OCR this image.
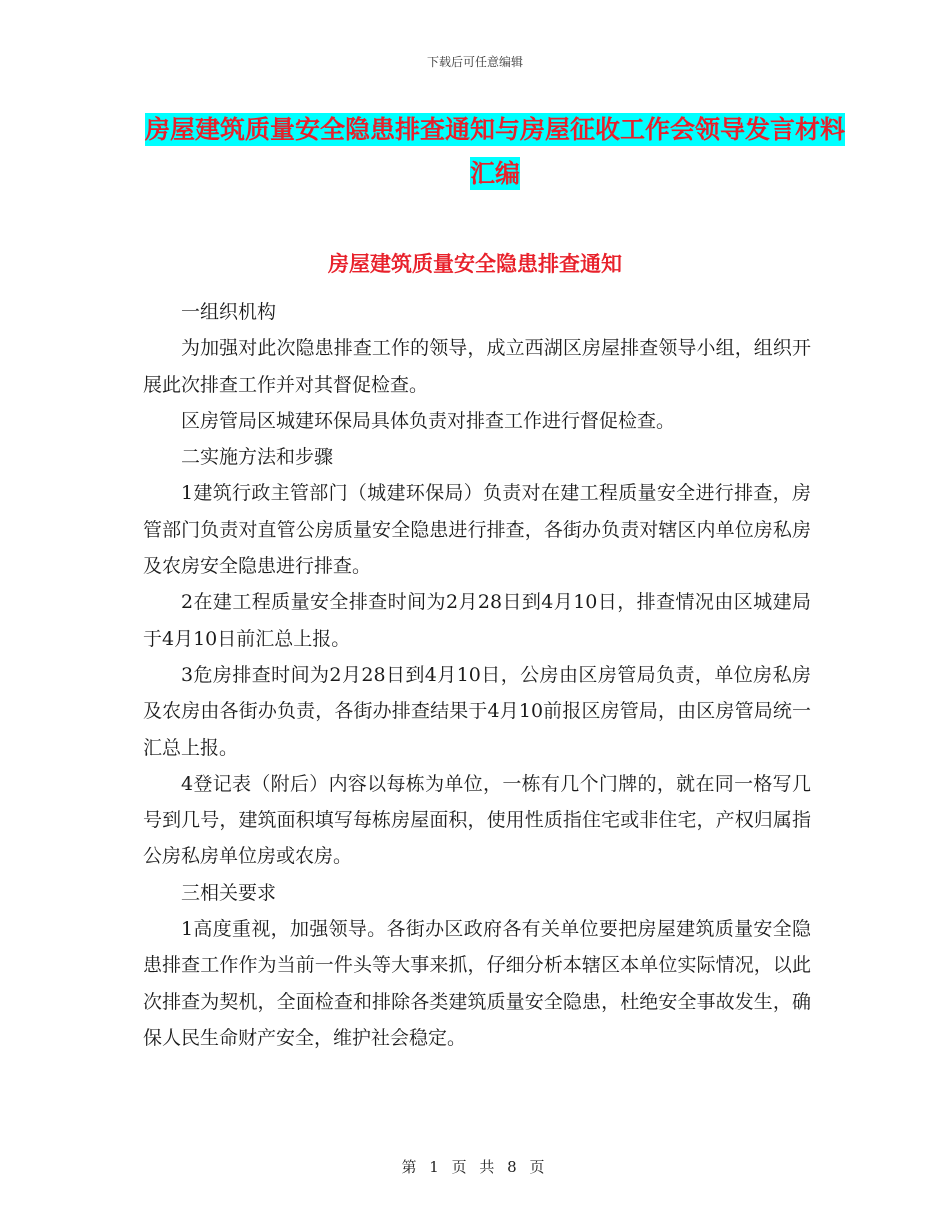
下载后可任意编辑
房屋建筑质量安全隐患排查通知与房屋征收工作会领导发言材料汇编
房屋建筑质量安全隐患排查通知

一组织机构

为加强对此次隐患排查工作的领导，成立西湖区房屋排查领导小组，组织开展此次排查工作并对其督促检查。

区房管局区城建环保局具体负责对排查工作进行督促检查。

二实施方法和步骤

1建筑行政主管部门（城建环保局）负责对在建工程质量安全进行排查，房管部门负责对直管公房质量安全隐患进行排查，各街办负责对辖区内单位房私房及农房安全隐患进行排查。

2在建工程质量安全排查时间为2月28日到4月10日，排查情况由区城建局于4月10日前汇总上报。

3危房排查时间为2月28日到4月10日，公房由区房管局负责，单位房私房及农房由各街办负责，各街办排查结果于4月10前报区房管局，由区房管局统一汇总上报。

4登记表（附后）内容以每栋为单位，一栋有几个门牌的，就在同一格写几号到几号，建筑面积填写每栋房屋面积，使用性质指住宅或非住宅，产权归属指公房私房单位房或农房。

三相关要求

1高度重视，加强领导。各街办区政府各有关单位要把房屋建筑质量安全隐患排查工作作为当前一件头等大事来抓，仔细分析本辖区本单位实际情况，以此次排查为契机，全面检查和排除各类建筑质量安全隐患，杜绝安全事故发生，确保人民生命财产安全，维护社会稳定。

第 1 页 共 8 页
